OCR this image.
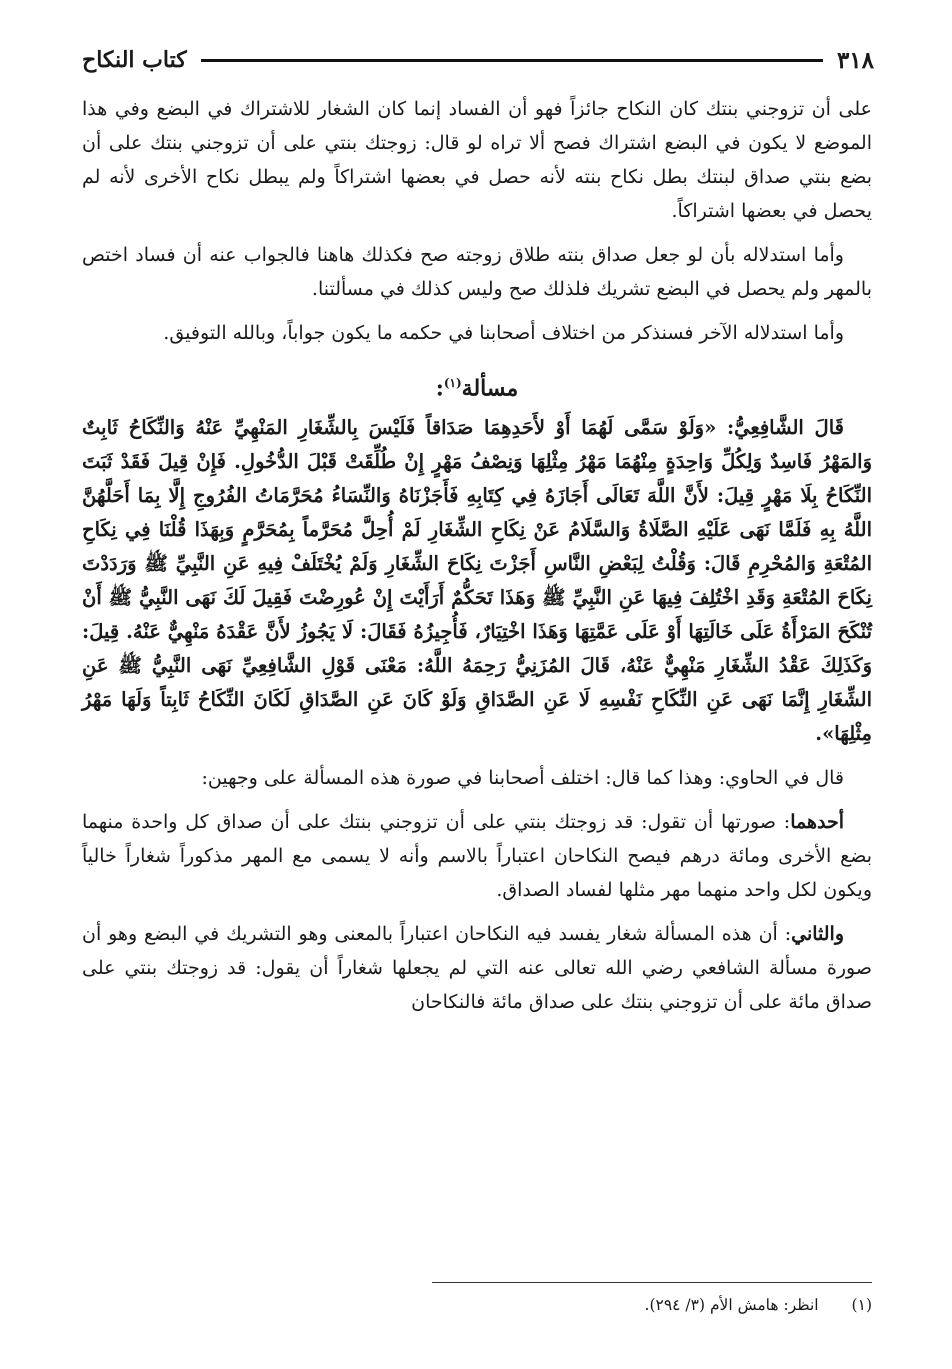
٣١٨
كتاب النكاح

على أن تزوجني بنتك كان النكاح جائزاً فهو أن الفساد إنما كان الشغار للاشتراك في البضع وفي هذا الموضع لا يكون في البضع اشتراك فصح ألا تراه لو قال: زوجتك بنتي على أن تزوجني بنتك على أن بضع بنتي صداق لبنتك بطل نكاح بنته لأنه حصل في بعضها اشتراكاً ولم يبطل نكاح الأخرى لأنه لم يحصل في بعضها اشتراكاً.

وأما استدلاله بأن لو جعل صداق بنته طلاق زوجته صح فكذلك هاهنا فالجواب عنه أن فساد اختص بالمهر ولم يحصل في البضع تشريك فلذلك صح وليس كذلك في مسألتنا.

وأما استدلاله الآخر فسنذكر من اختلاف أصحابنا في حكمه ما يكون جواباً، وبالله التوفيق.

مسألة$^{(١)}$:

قَالَ الشَّافِعِيُّ: «وَلَوْ سَمَّى لَهُمَا أَوْ لأَحَدِهِمَا صَدَاقاً فَلَيْسَ بِالشِّغَارِ المَنْهِيِّ عَنْهُ وَالنِّكَاحُ ثَابِتٌ وَالمَهْرُ فَاسِدٌ وَلِكُلِّ وَاحِدَةٍ مِنْهُمَا مَهْرُ مِثْلِهَا وَنِصْفُ مَهْرٍ إِنْ طُلِّقَتْ قَبْلَ الدُّخُولِ. فَإِنْ قِيلَ فَقَدْ ثَبَتَ النِّكَاحُ بِلَا مَهْرٍ قِيلَ: لأَنَّ اللَّهَ تَعَالَى أَجَازَهُ فِي كِتَابِهِ فَأَجَزْنَاهُ وَالنِّسَاءُ مُحَرَّمَاتُ الفُرُوجِ إِلَّا بِمَا أَحَلَّهُنَّ اللَّهُ بِهِ فَلَمَّا نَهَى عَلَيْهِ الصَّلَاةُ وَالسَّلَامُ عَنْ نِكَاحِ الشِّغَارِ لَمْ أُحِلَّ مُحَرَّماً بِمُحَرَّمٍ وَبِهَذَا قُلْنَا فِي نِكَاحِ المُتْعَةِ وَالمُحْرِمِ قَالَ: وَقُلْتُ لِبَعْضِ النَّاسِ أَجَزْتَ نِكَاحَ الشِّغَارِ وَلَمْ يُخْتَلَفْ فِيهِ عَنِ النَّبِيِّ ﷺ وَرَدَدْتَ نِكَاحَ المُتْعَةِ وَقَدِ اخْتُلِفَ فِيهَا عَنِ النَّبِيِّ ﷺ وَهَذَا تَحَكُّمٌ أَرَأَيْتَ إِنْ عُورِضْتَ فَقِيلَ لَكَ نَهَى النَّبِيُّ ﷺ أَنْ تُنْكَحَ المَرْأَةُ عَلَى خَالَتِهَا أَوْ عَلَى عَمَّتِهَا وَهَذَا اخْتِيَارٌ، فَأُجِيزُهُ فَقَالَ: لَا يَجُوزُ لأَنَّ عَقْدَهُ مَنْهِيٌّ عَنْهُ. قِيلَ: وَكَذَلِكَ عَقْدُ الشِّغَارِ مَنْهِيٌّ عَنْهُ، قَالَ المُزَنِيُّ رَحِمَهُ اللَّهُ: مَعْنَى قَوْلِ الشَّافِعِيِّ نَهَى النَّبِيُّ ﷺ عَنِ الشِّغَارِ إِنَّمَا نَهَى عَنِ النِّكَاحِ نَفْسِهِ لَا عَنِ الصَّدَاقِ وَلَوْ كَانَ عَنِ الصَّدَاقِ لَكَانَ النِّكَاحُ ثَابِتاً وَلَهَا مَهْرُ مِثْلِهَا».

قال في الحاوي: وهذا كما قال: اختلف أصحابنا في صورة هذه المسألة على وجهين:

أحدهما: صورتها أن تقول: قد زوجتك بنتي على أن تزوجني بنتك على أن صداق كل واحدة منهما بضع الأخرى ومائة درهم فيصح النكاحان اعتباراً بالاسم وأنه لا يسمى مع المهر مذكوراً شغاراً خالياً ويكون لكل واحد منهما مهر مثلها لفساد الصداق.

والثاني: أن هذه المسألة شغار يفسد فيه النكاحان اعتباراً بالمعنى وهو التشريك في البضع وهو أن صورة مسألة الشافعي رضي الله تعالى عنه التي لم يجعلها شغاراً أن يقول: قد زوجتك بنتي على صداق مائة على أن تزوجني بنتك على صداق مائة فالنكاحان

(١) انظر: هامش الأم (٣/ ٢٩٤).
